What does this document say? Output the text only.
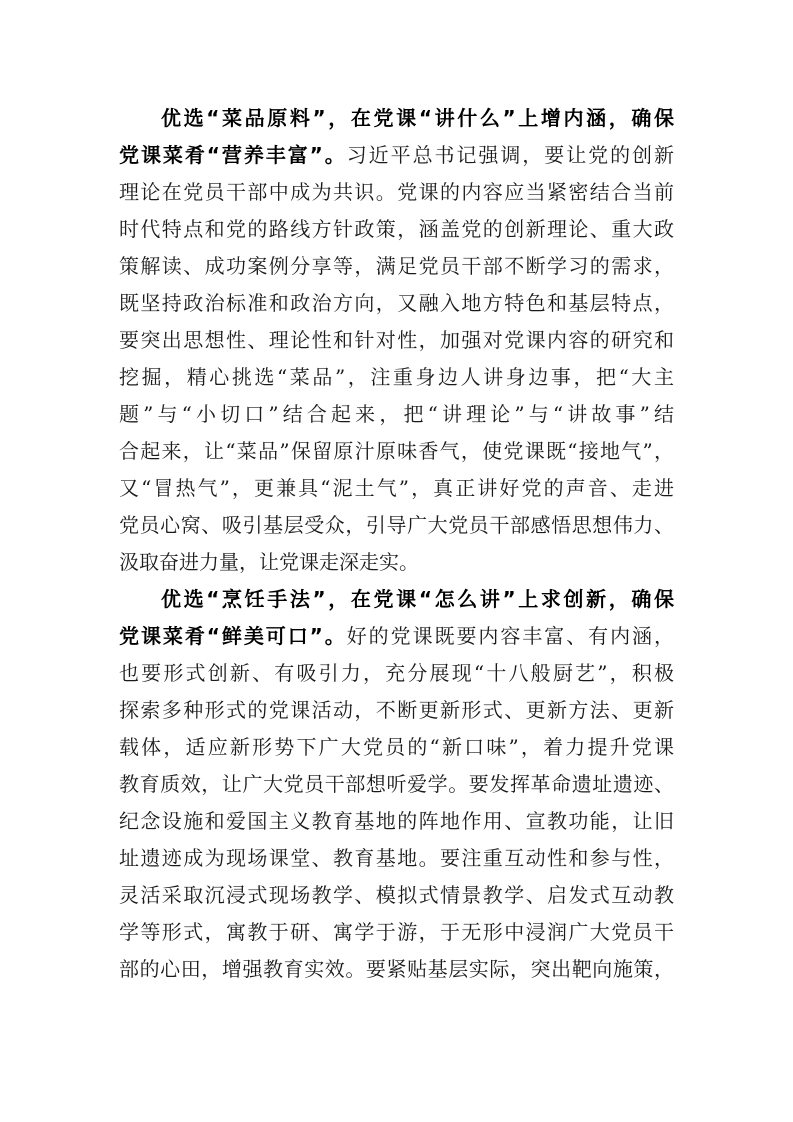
优选“菜品原料”，在党课“讲什么”上增内涵，确保
党课菜肴“营养丰富”。习近平总书记强调，要让党的创新
理论在党员干部中成为共识。党课的内容应当紧密结合当前
时代特点和党的路线方针政策，涵盖党的创新理论、重大政
策解读、成功案例分享等，满足党员干部不断学习的需求，
既坚持政治标准和政治方向，又融入地方特色和基层特点，
要突出思想性、理论性和针对性，加强对党课内容的研究和
挖掘，精心挑选“菜品”，注重身边人讲身边事，把“大主
题”与“小切口”结合起来，把“讲理论”与“讲故事”结
合起来，让“菜品”保留原汁原味香气，使党课既“接地气”，
又“冒热气”，更兼具“泥土气”，真正讲好党的声音、走进
党员心窝、吸引基层受众，引导广大党员干部感悟思想伟力、
汲取奋进力量，让党课走深走实。
优选“烹饪手法”，在党课“怎么讲”上求创新，确保
党课菜肴“鲜美可口”。好的党课既要内容丰富、有内涵，
也要形式创新、有吸引力，充分展现“十八般厨艺”，积极
探索多种形式的党课活动，不断更新形式、更新方法、更新
载体，适应新形势下广大党员的“新口味”，着力提升党课
教育质效，让广大党员干部想听爱学。要发挥革命遗址遗迹、
纪念设施和爱国主义教育基地的阵地作用、宣教功能，让旧
址遗迹成为现场课堂、教育基地。要注重互动性和参与性，
灵活采取沉浸式现场教学、模拟式情景教学、启发式互动教
学等形式，寓教于研、寓学于游，于无形中浸润广大党员干
部的心田，增强教育实效。要紧贴基层实际，突出靶向施策，
